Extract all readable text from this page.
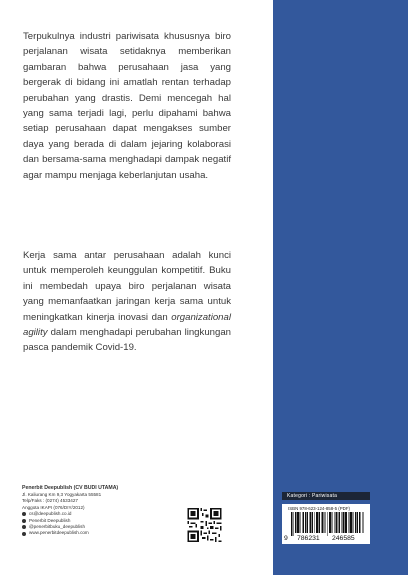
Terpukulnya industri pariwisata khususnya biro perjalanan wisata setidaknya memberikan gambaran bahwa perusahaan jasa yang bergerak di bidang ini amatlah rentan terhadap perubahan yang drastis. Demi mencegah hal yang sama terjadi lagi, perlu dipahami bahwa setiap perusahaan dapat mengakses sumber daya yang berada di dalam jejaring kolaborasi dan bersama-sama menghadapi dampak negatif agar mampu menjaga keberlanjutan usaha.

Kerja sama antar perusahaan adalah kunci untuk memperoleh keunggulan kompetitif. Buku ini membedah upaya biro perjalanan wisata yang memanfaatkan jaringan kerja sama untuk meningkatkan kinerja inovasi dan organizational agility dalam menghadapi perubahan lingkungan pasca pandemik Covid-19.

Penerbit Deepublish (CV BUDI UTAMA)
Jl. Kaliurang Km 9,3 Yogyakarta 55581
Telp/Faks : (0274) 4533427
Anggota IKAPI (076/DIY/2012)
cs@deepublish.co.id
Penerbit Deepublish
@penerbitbuku_deepublish
www.penerbitdeepublish.com
Kategori : Pariwisata
ISBN 978-623-124-858-5 (PDF)
9 786231 246585
